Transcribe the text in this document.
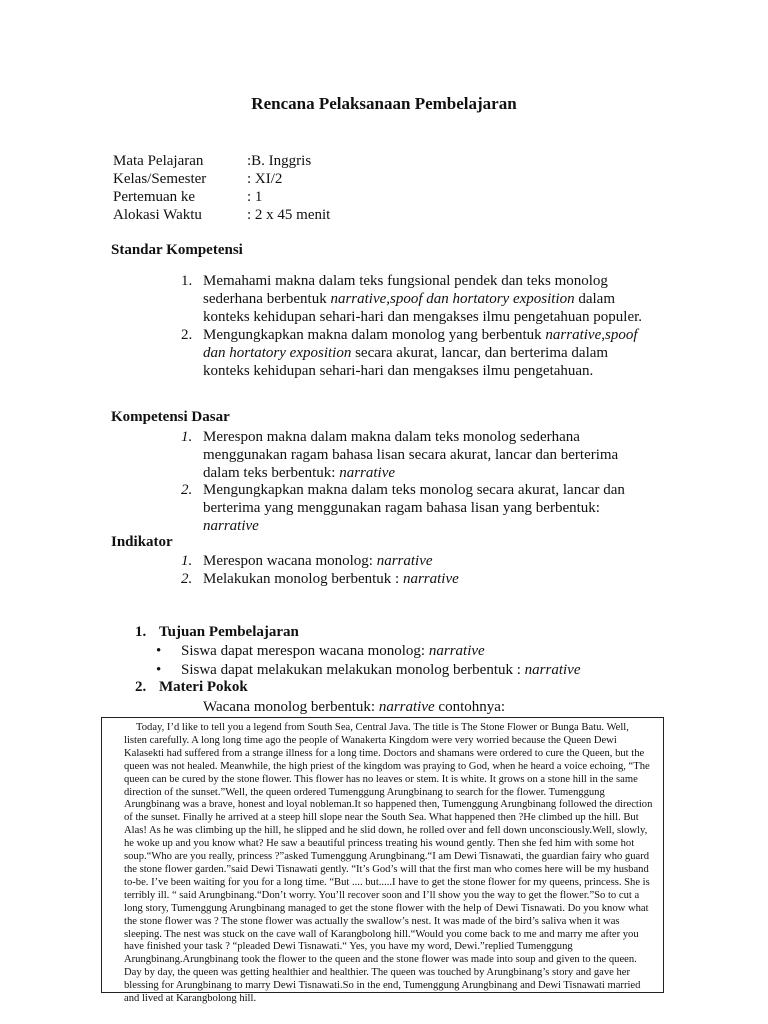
Rencana Pelaksanaan Pembelajaran
Mata Pelajaran	:B. Inggris
Kelas/Semester	: XI/2
Pertemuan ke	: 1
Alokasi Waktu	: 2 x 45 menit
Standar Kompetensi
1. Memahami makna dalam teks fungsional pendek dan teks monolog
sederhana berbentuk narrative,spoof dan hortatory exposition dalam
konteks kehidupan sehari-hari dan mengakses ilmu pengetahuan populer.
2. Mengungkapkan makna dalam monolog yang berbentuk narrative,spoof
dan hortatory exposition secara akurat, lancar, dan berterima dalam
konteks kehidupan sehari-hari dan mengakses ilmu pengetahuan.
Kompetensi Dasar
1. Merespon makna dalam makna dalam teks monolog sederhana
menggunakan ragam bahasa lisan secara akurat, lancar dan berterima
dalam teks berbentuk: narrative
2. Mengungkapkan makna dalam teks monolog secara akurat, lancar dan
berterima yang menggunakan ragam bahasa lisan yang berbentuk:
narrative
Indikator
1. Merespon wacana monolog: narrative
2. Melakukan monolog berbentuk : narrative
1. Tujuan Pembelajaran
• Siswa dapat merespon wacana monolog: narrative
• Siswa dapat melakukan melakukan monolog berbentuk : narrative
2. Materi Pokok
Wacana monolog berbentuk: narrative contohnya:
Today, I’d like to tell you a legend from South Sea, Central Java. The title is The Stone Flower or Bunga Batu. Well, listen carefully. A long long time ago the people of Wanakerta Kingdom were very worried because the Queen Dewi Kalasekti had suffered from a strange illness for a long time. Doctors and shamans were ordered to cure the Queen, but the queen was not healed. Meanwhile, the high priest of the kingdom was praying to God, when he heard a voice echoing, “The queen can be cured by the stone flower. This flower has no leaves or stem. It is white. It grows on a stone hill in the same direction of the sunset.”Well, the queen ordered Tumenggung Arungbinang to search for the flower. Tumenggung Arungbinang was a brave, honest and loyal nobleman.It so happened then, Tumenggung Arungbinang followed the direction of the sunset. Finally he arrived at a steep hill slope near the South Sea. What happened then ?He climbed up the hill. But Alas! As he was climbing up the hill, he slipped and he slid down, he rolled over and fell down unconsciously.Well, slowly, he woke up and you know what? He saw a beautiful princess treating his wound gently. Then she fed him with some hot soup.“Who are you really, princess ?”asked Tumenggung Arungbinang.“I am Dewi Tisnawati, the guardian fairy who guard the stone flower garden.”said Dewi Tisnawati gently. “It’s God’s will that the first man who comes here will be my husband to-be. I’ve been waiting for you for a long time. “But .... but.....I have to get the stone flower for my queens, princess. She is terribly ill. “ said Arungbinang.“Don’t worry. You’ll recover soon and I’ll show you the way to get the flower.”So to cut a long story, Tumenggung Arungbinang managed to get the stone flower with the help of Dewi Tisnawati. Do you know what the stone flower was ? The stone flower was actually the swallow’s nest. It was made of the bird’s saliva when it was sleeping. The nest was stuck on the cave wall of Karangbolong hill.“Would you come back to me and marry me after you have finished your task ? “pleaded Dewi Tisnawati.“ Yes, you have my word, Dewi.”replied Tumenggung Arungbinang.Arungbinang took the flower to the queen and the stone flower was made into soup and given to the queen. Day by day, the queen was getting healthier and healthier. The queen was touched by Arungbinang’s story and gave her blessing for Arungbinang to marry Dewi Tisnawati.So in the end, Tumenggung Arungbinang and Dewi Tisnawati married and lived at Karangbolong hill.
